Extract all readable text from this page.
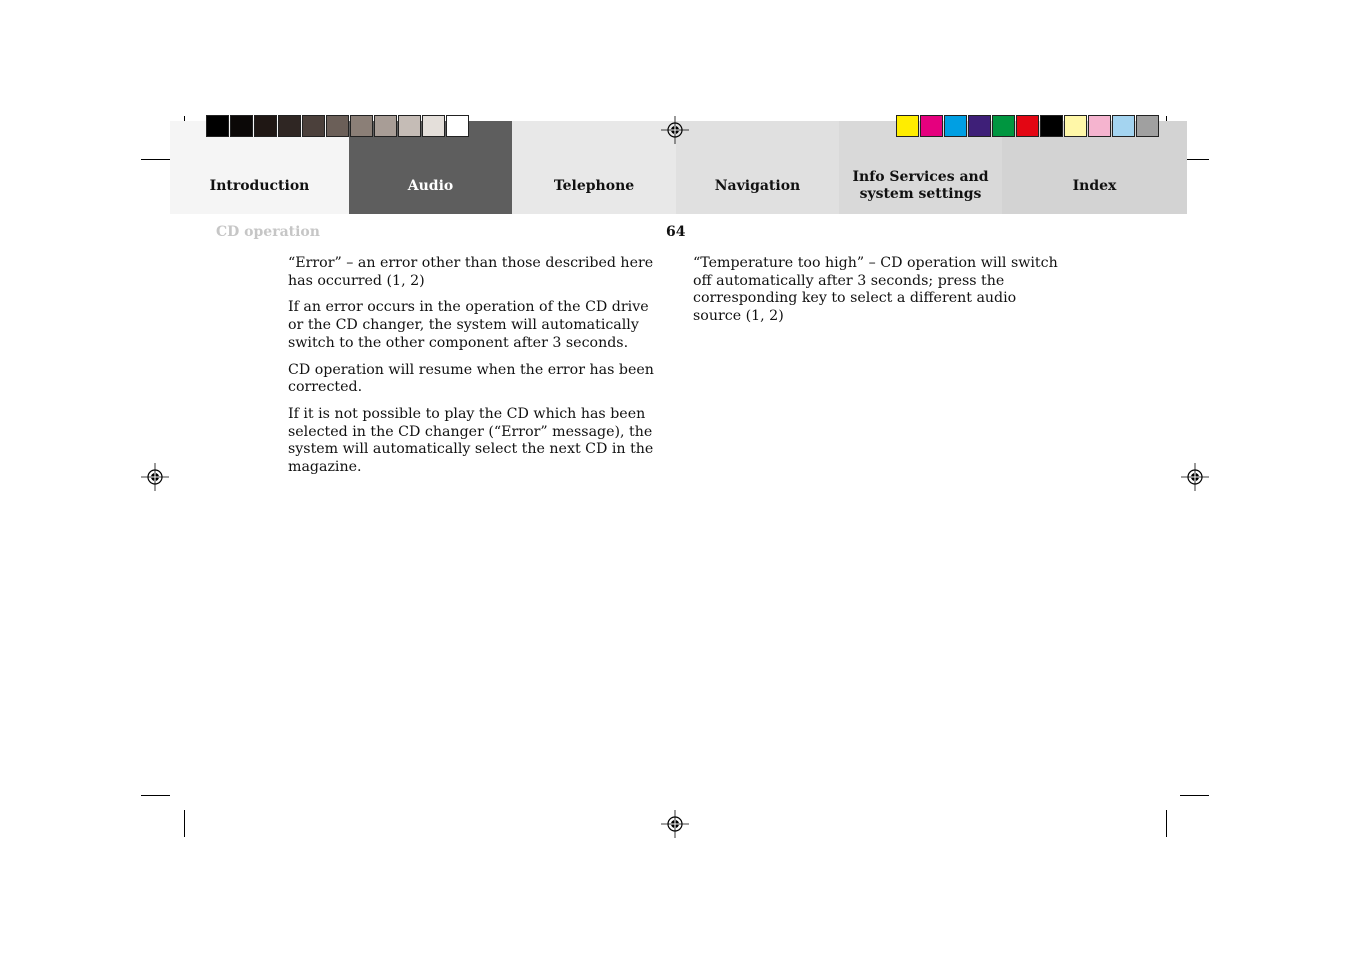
Introduction	Audio	Telephone	Navigation
Info Services and
system settings	Index
CD operation	64

“Error” – an error other than those described here has occurred (1, 2)

If an error occurs in the operation of the CD drive or the CD changer, the system will automatically switch to the other component after 3 seconds.

CD operation will resume when the error has been corrected.

If it is not possible to play the CD which has been selected in the CD changer (“Error” message), the system will automatically select the next CD in the magazine.

“Temperature too high” – CD operation will switch off automatically after 3 seconds; press the corresponding key to select a different audio source (1, 2)
